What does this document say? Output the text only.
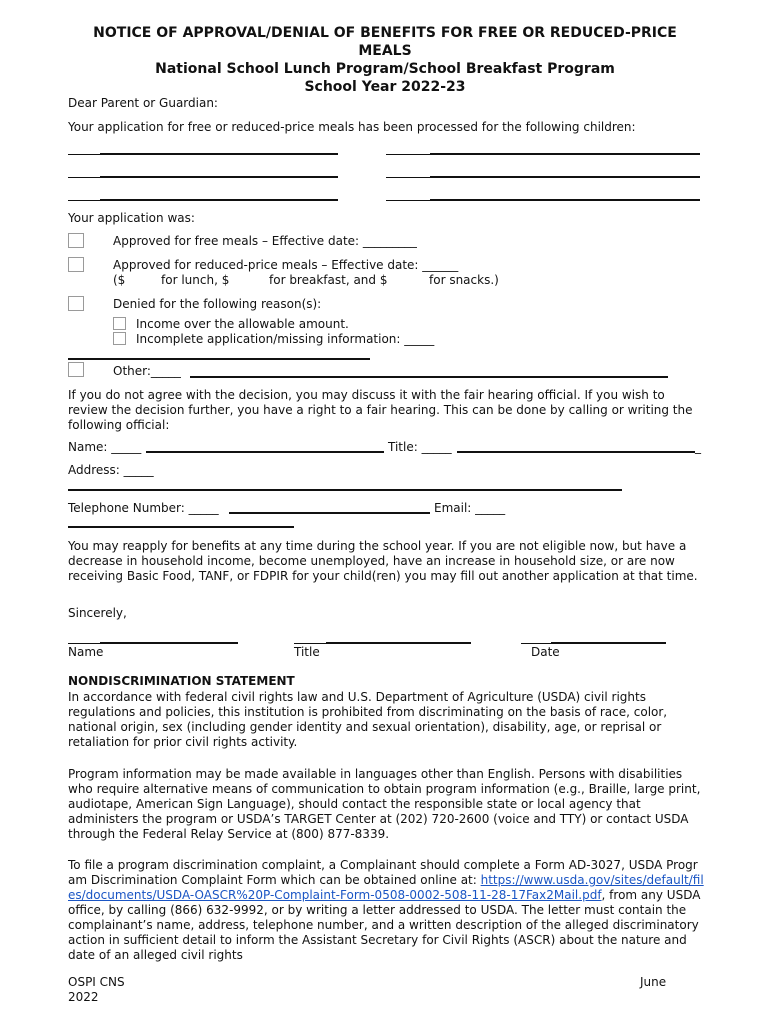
NOTICE OF APPROVAL/DENIAL OF BENEFITS FOR FREE OR REDUCED-PRICE
MEALS
National School Lunch Program/School Breakfast Program
School Year 2022-23
Dear Parent or Guardian:
Your application for free or reduced-price meals has been processed for the following children:
Your application was:
Approved for free meals – Effective date: _________
Approved for reduced-price meals – Effective date: ______
($	for lunch, $	for breakfast, and $	for snacks.)
Denied for the following reason(s):
Income over the allowable amount.
Incomplete application/missing information: _____
Other:_____
If you do not agree with the decision, you may discuss it with the fair hearing official. If you wish to review the decision further, you have a right to a fair hearing. This can be done by calling or writing the following official:
Name: _____	Title: _____	_
Address: _____
Telephone Number: _____	Email: _____
You may reapply for benefits at any time during the school year. If you are not eligible now, but have a decrease in household income, become unemployed, have an increase in household size, or are now receiving Basic Food, TANF, or FDPIR for your child(ren) you may fill out another application at that time.
Sincerely,
Name	Title	Date
NONDISCRIMINATION STATEMENT
In accordance with federal civil rights law and U.S. Department of Agriculture (USDA) civil rights regulations and policies, this institution is prohibited from discriminating on the basis of race, color, national origin, sex (including gender identity and sexual orientation), disability, age, or reprisal or retaliation for prior civil rights activity.
Program information may be made available in languages other than English. Persons with disabilities who require alternative means of communication to obtain program information (e.g., Braille, large print, audiotape, American Sign Language), should contact the responsible state or local agency that administers the program or USDA’s TARGET Center at (202) 720-2600 (voice and TTY) or contact USDA through the Federal Relay Service at (800) 877-8339.
To file a program discrimination complaint, a Complainant should complete a Form AD-3027, USDA Program Discrimination Complaint Form which can be obtained online at: https://www.usda.gov/sites/default/files/documents/USDA-OASCR%20P-Complaint-Form-0508-0002-508-11-28-17Fax2Mail.pdf, from any USDA office, by calling (866) 632-9992, or by writing a letter addressed to USDA. The letter must contain the complainant’s name, address, telephone number, and a written description of the alleged discriminatory action in sufficient detail to inform the Assistant Secretary for Civil Rights (ASCR) about the nature and date of an alleged civil rights
OSPI CNS
2022
June
